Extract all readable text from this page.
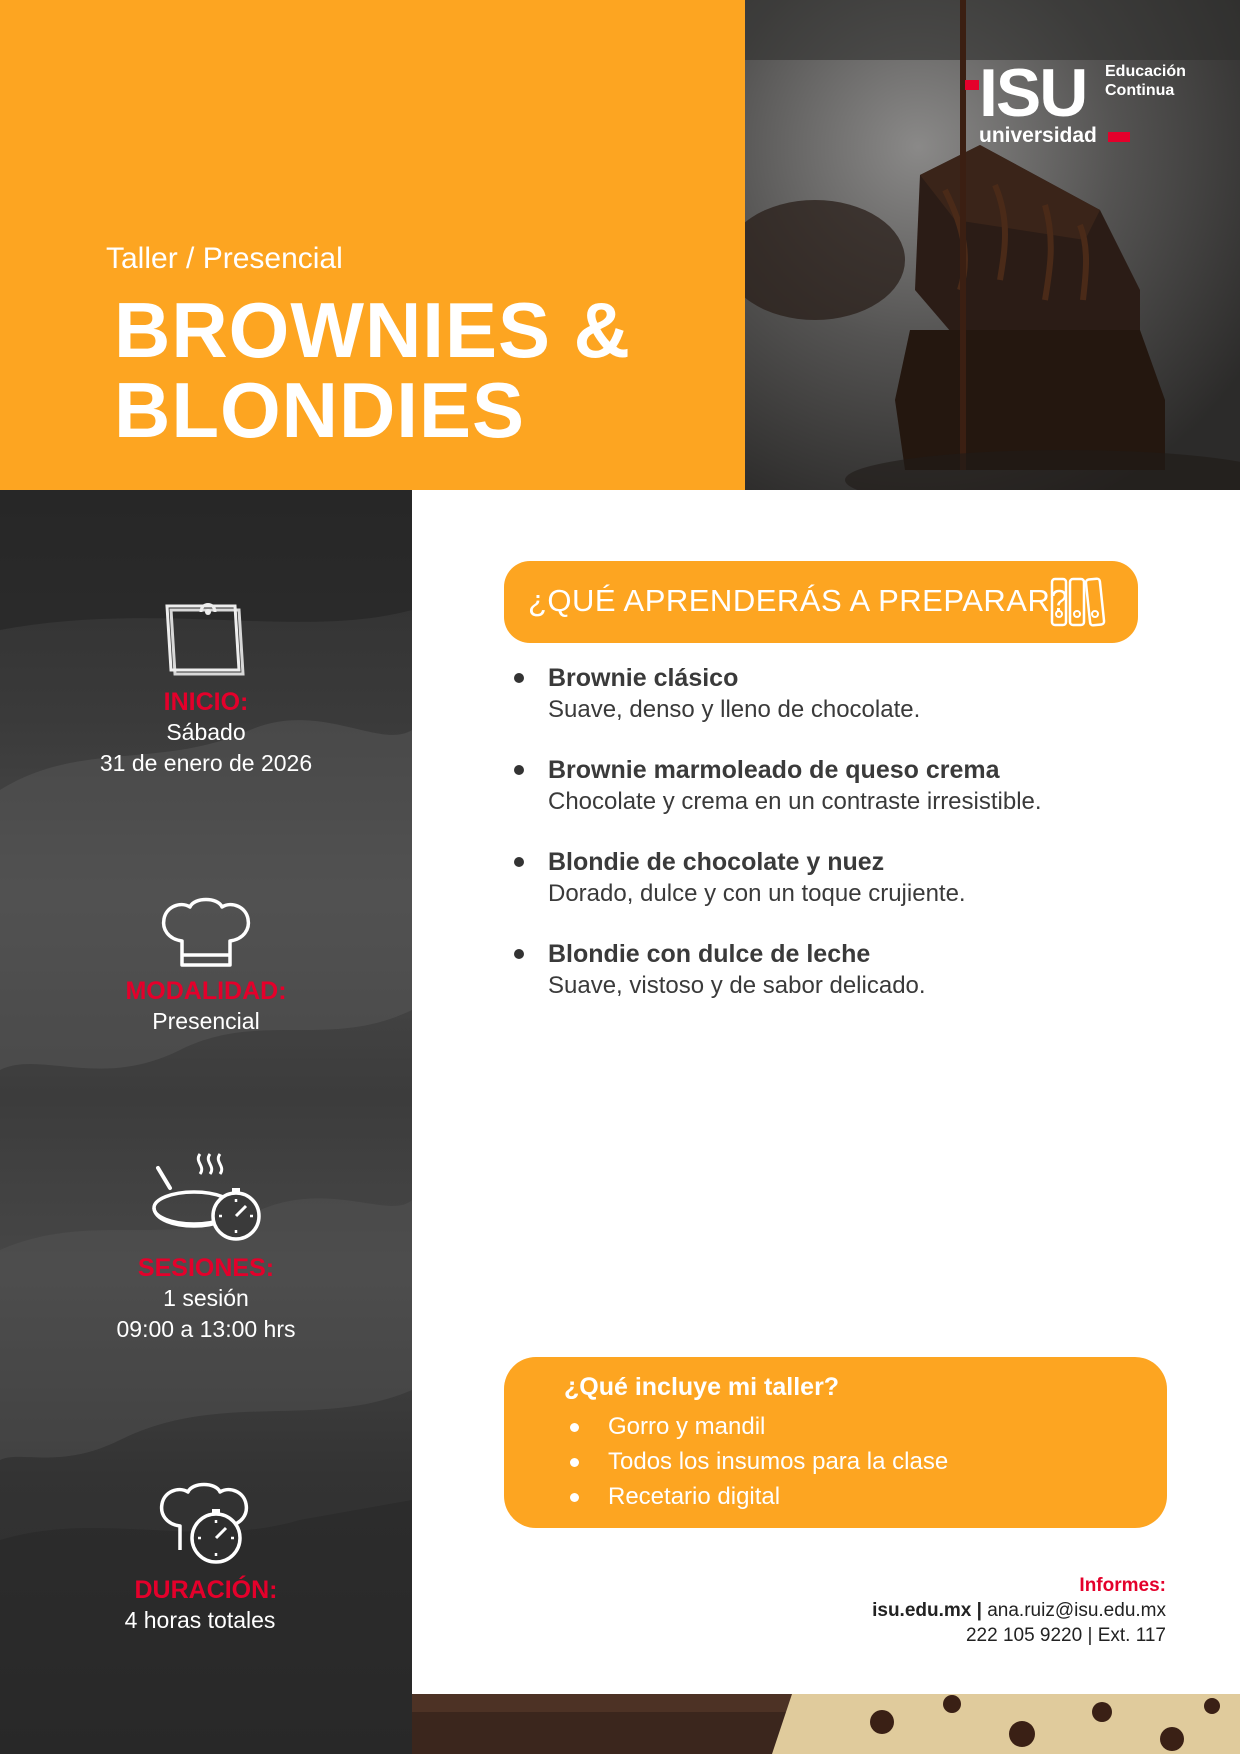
Taller / Presencial
BROWNIES &
BLONDIES
ISU Educación
Continua
universidad
INICIO:
Sábado
31 de enero de 2026
MODALIDAD:
Presencial
SESIONES:
1 sesión
09:00 a 13:00 hrs
DURACIÓN:
4 horas totales
¿QUÉ APRENDERÁS A PREPARAR?
Brownie clásico
Suave, denso y lleno de chocolate.
Brownie marmoleado de queso crema
Chocolate y crema en un contraste irresistible.
Blondie de chocolate y nuez
Dorado, dulce y con un toque crujiente.
Blondie con dulce de leche
Suave, vistoso y de sabor delicado.
¿Qué incluye mi taller?
Gorro y mandil
Todos los insumos para la clase
Recetario digital
Informes:
isu.edu.mx | ana.ruiz@isu.edu.mx
222 105 9220 | Ext. 117
